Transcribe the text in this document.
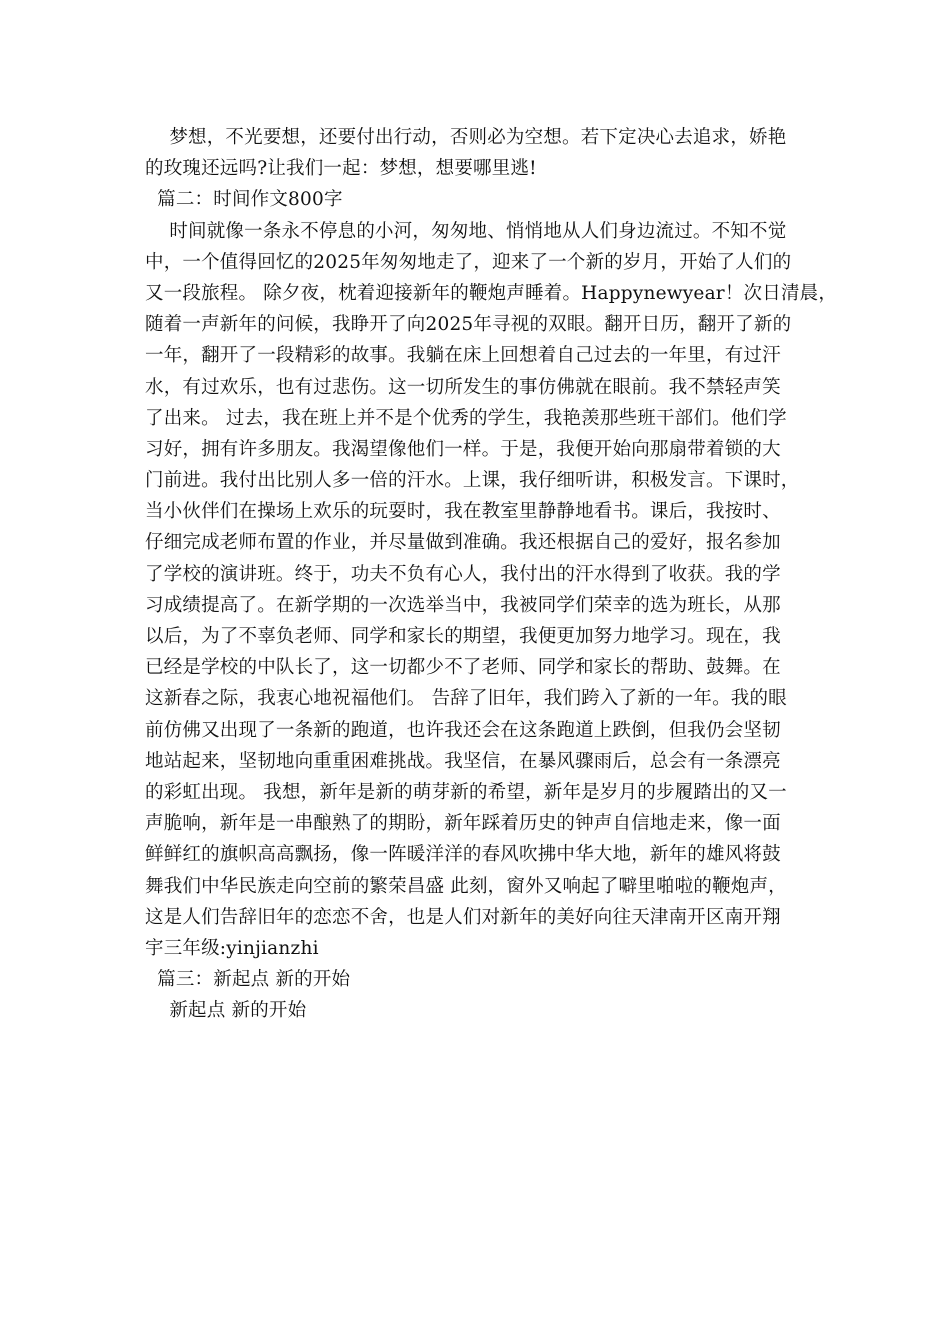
梦想，不光要想，还要付出行动，否则必为空想。若下定决心去追求，娇艳
的玫瑰还远吗?让我们一起：梦想，想要哪里逃!
篇二：时间作文800字
时间就像一条永不停息的小河，匆匆地、悄悄地从人们身边流过。不知不觉
中，一个值得回忆的2025年匆匆地走了，迎来了一个新的岁月，开始了人们的
又一段旅程。 除夕夜，枕着迎接新年的鞭炮声睡着。Happynewyear！次日清晨，
随着一声新年的问候，我睁开了向2025年寻视的双眼。翻开日历，翻开了新的
一年，翻开了一段精彩的故事。我躺在床上回想着自己过去的一年里，有过汗
水，有过欢乐，也有过悲伤。这一切所发生的事仿佛就在眼前。我不禁轻声笑
了出来。 过去，我在班上并不是个优秀的学生，我艳羡那些班干部们。他们学
习好，拥有许多朋友。我渴望像他们一样。于是，我便开始向那扇带着锁的大
门前进。我付出比别人多一倍的汗水。上课，我仔细听讲，积极发言。下课时，
当小伙伴们在操场上欢乐的玩耍时，我在教室里静静地看书。课后，我按时、
仔细完成老师布置的作业，并尽量做到准确。我还根据自己的爱好，报名参加
了学校的演讲班。终于，功夫不负有心人，我付出的汗水得到了收获。我的学
习成绩提高了。在新学期的一次选举当中，我被同学们荣幸的选为班长，从那
以后，为了不辜负老师、同学和家长的期望，我便更加努力地学习。现在，我
已经是学校的中队长了，这一切都少不了老师、同学和家长的帮助、鼓舞。在
这新春之际，我衷心地祝福他们。 告辞了旧年，我们跨入了新的一年。我的眼
前仿佛又出现了一条新的跑道，也许我还会在这条跑道上跌倒，但我仍会坚韧
地站起来，坚韧地向重重困难挑战。我坚信，在暴风骤雨后，总会有一条漂亮
的彩虹出现。 我想，新年是新的萌芽新的希望，新年是岁月的步履踏出的又一
声脆响，新年是一串酿熟了的期盼，新年踩着历史的钟声自信地走来，像一面
鲜鲜红的旗帜高高飘扬，像一阵暖洋洋的春风吹拂中华大地，新年的雄风将鼓
舞我们中华民族走向空前的繁荣昌盛 此刻，窗外又响起了噼里啪啦的鞭炮声，
这是人们告辞旧年的恋恋不舍，也是人们对新年的美好向往天津南开区南开翔
宇三年级:yinjianzhi
篇三：新起点 新的开始
新起点 新的开始
